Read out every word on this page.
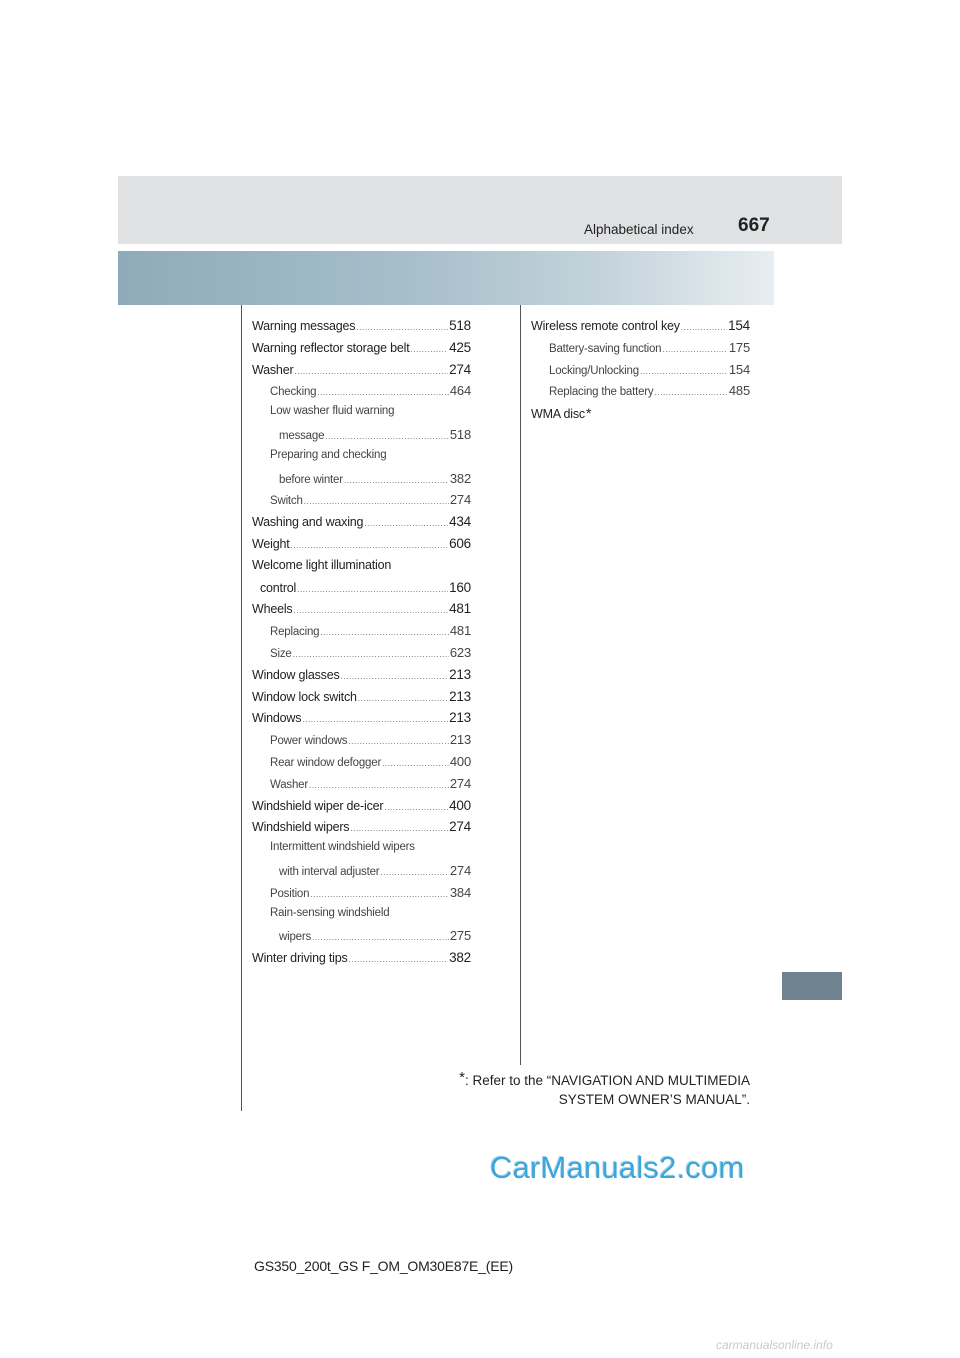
Alphabetical index 667
Warning messages .....	518
Warning reflector storage belt .....	425
Washer .....	274
Checking .....	464
Low washer fluid warning
message .....	518
Preparing and checking
before winter .....	382
Switch .....	274
Washing and waxing .....	434
Weight .....	606
Welcome light illumination
control .....	160
Wheels .....	481
Replacing .....	481
Size .....	623
Window glasses .....	213
Window lock switch .....	213
Windows .....	213
Power windows .....	213
Rear window defogger .....	400
Washer .....	274
Windshield wiper de-icer .....	400
Windshield wipers .....	274
Intermittent windshield wipers
with interval adjuster .....	274
Position .....	384
Rain-sensing windshield
wipers .....	275
Winter driving tips .....	382
Wireless remote control key .....	154
Battery-saving function .....	175
Locking/Unlocking .....	154
Replacing the battery .....	485
WMA disc *
*: Refer to the “NAVIGATION AND MULTIMEDIA
SYSTEM OWNER’S MANUAL”.
CarManuals2.com
GS350_200t_GS F_OM_OM30E87E_(EE)
carmanualsonline.info
